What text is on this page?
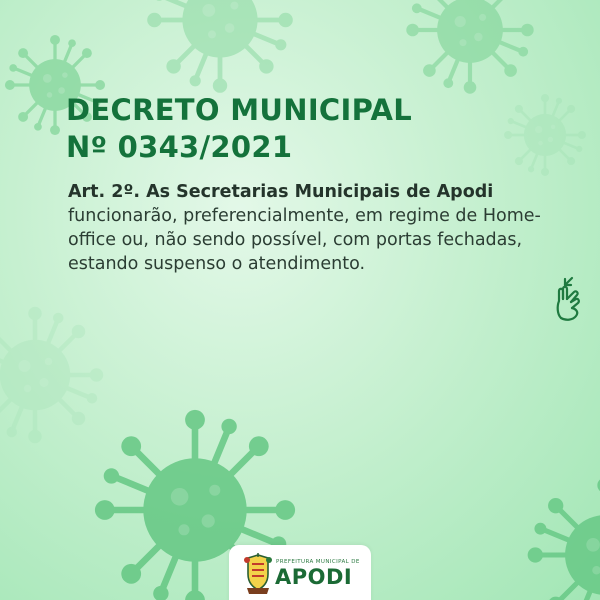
DECRETO MUNICIPAL
Nº 0343/2021

Art. 2º. As Secretarias Municipais de Apodi funcionarão, preferencialmente, em regime de Home-office ou, não sendo possível, com portas fechadas, estando suspenso o atendimento.

PREFEITURA MUNICIPAL DE
APODI
